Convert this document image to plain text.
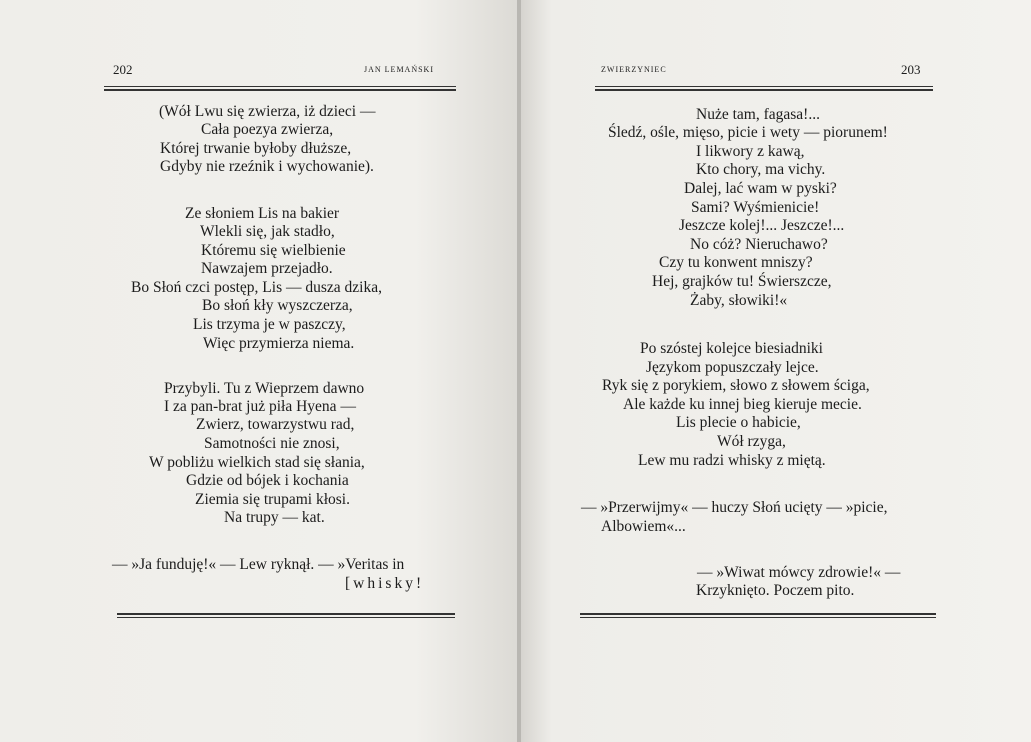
202	JAN LEMAŃSKI
(Wół Lwu się zwierza, iż dzieci —
Cała poezya zwierza,
Której trwanie byłoby dłuższe,
Gdyby nie rzeźnik i wychowanie).
Ze słoniem Lis na bakier
Wlekli się, jak stadło,
Któremu się wielbienie
Nawzajem przejadło.
Bo Słoń czci postęp, Lis — dusza dzika,
Bo słoń kły wyszczerza,
Lis trzyma je w paszczy,
Więc przymierza niema.
Przybyli. Tu z Wieprzem dawno
I za pan-brat już piła Hyena —
Zwierz, towarzystwu rad,
Samotności nie znosi,
W pobliżu wielkich stad się słania,
Gdzie od bójek i kochania
Ziemia się trupami kłosi.
Na trupy — kat.
— »Ja funduję!« — Lew ryknął. — »Veritas in
[whisky!
ZWIERZYNIEC	203
Nuże tam, fagasa!...
Śledź, ośle, mięso, picie i wety — piorunem!
I likwory z kawą,
Kto chory, ma vichy.
Dalej, lać wam w pyski?
Sami? Wyśmienicie!
Jeszcze kolej!... Jeszcze!...
No cóż? Nieruchawo?
Czy tu konwent mniszy?
Hej, grajków tu! Świerszcze,
Żaby, słowiki!«
Po szóstej kolejce biesiadniki
Językom popuszczały lejce.
Ryk się z porykiem, słowo z słowem ściga,
Ale każde ku innej bieg kieruje mecie.
Lis plecie o habicie,
Wół rzyga,
Lew mu radzi whisky z miętą.
— »Przerwijmy« — huczy Słoń ucięty — »picie,
Albowiem«...
— »Wiwat mówcy zdrowie!« —
Krzyknięto. Poczem pito.
